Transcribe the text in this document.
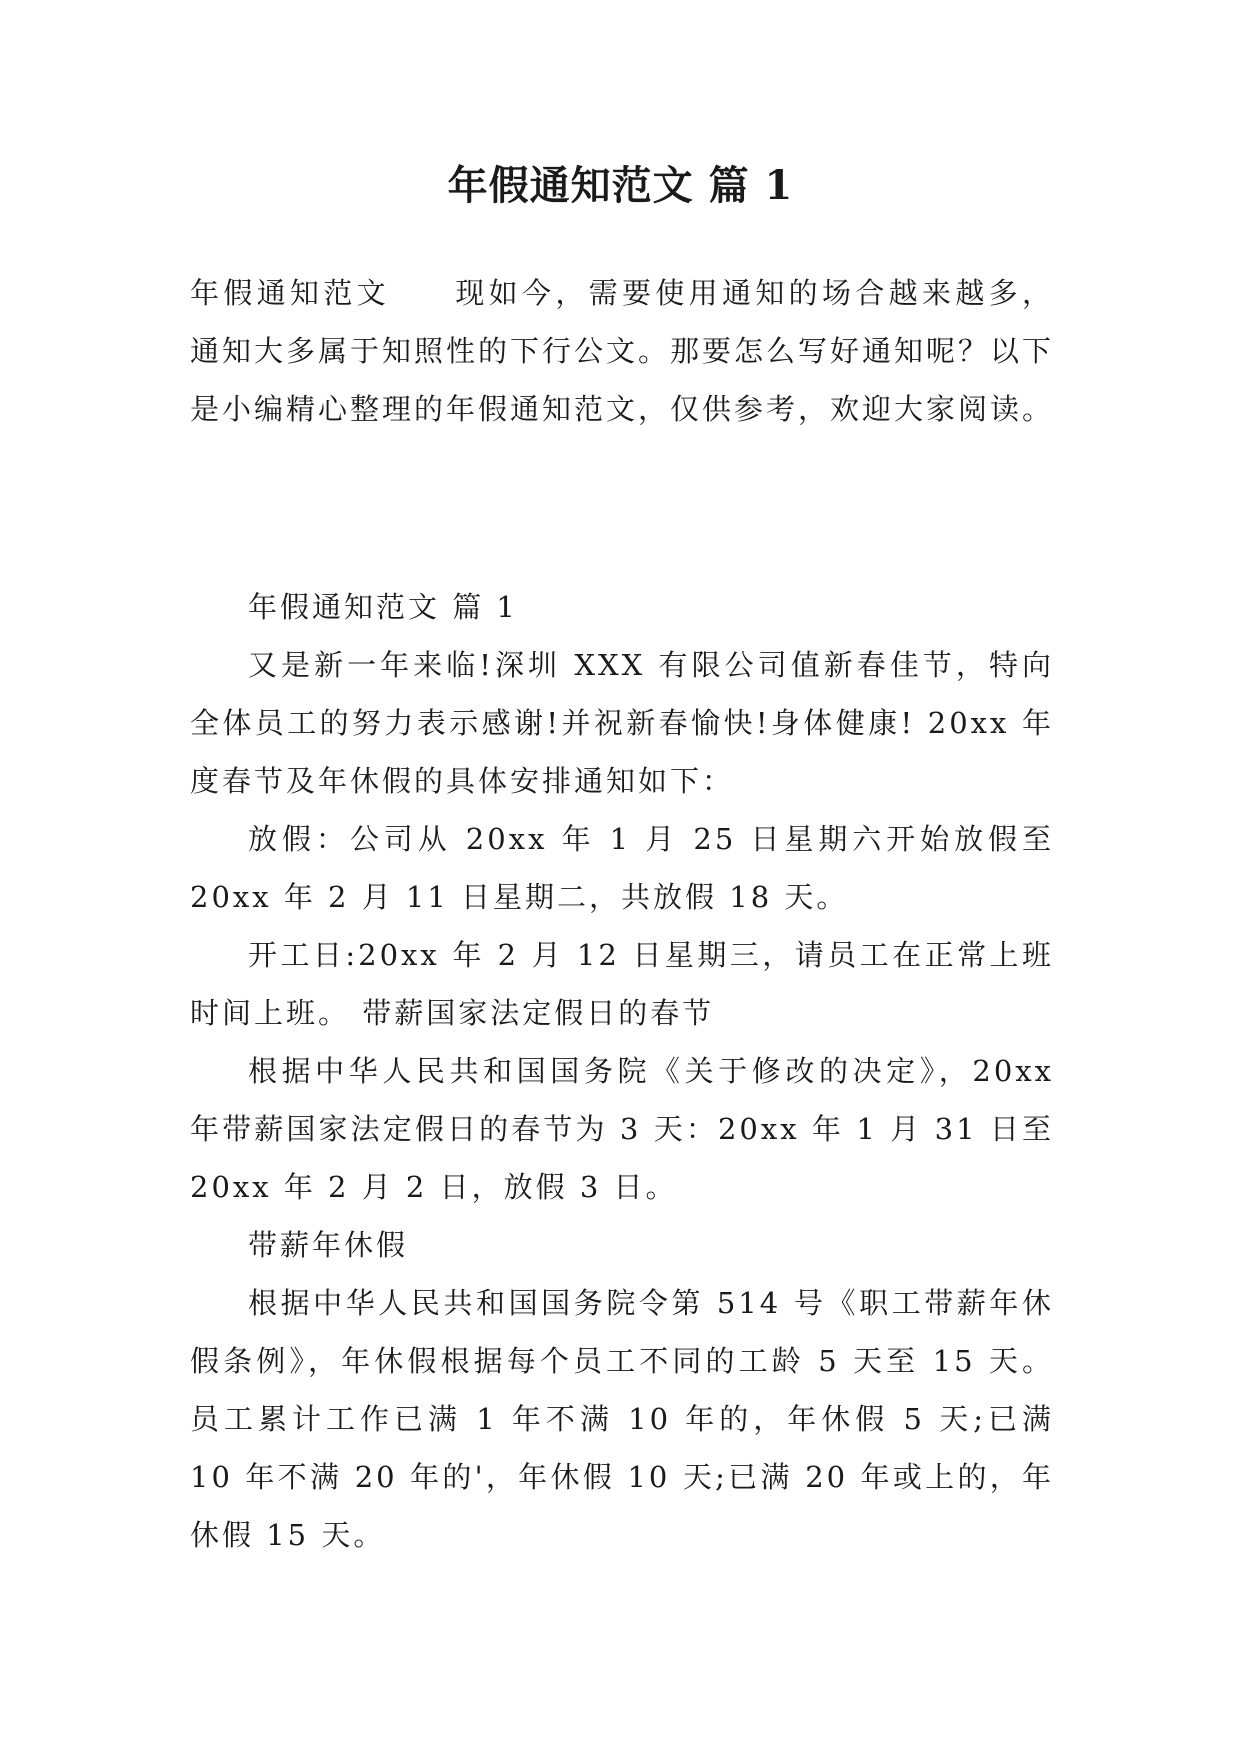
年假通知范文 篇 1

年假通知范文 现如今，需要使用通知的场合越来越多，通知大多属于知照性的下行公文。那要怎么写好通知呢？以下是小编精心整理的年假通知范文，仅供参考，欢迎大家阅读。

年假通知范文 篇 1

又是新一年来临!深圳 XXX 有限公司值新春佳节，特向全体员工的努力表示感谢!并祝新春愉快!身体健康! 20xx 年度春节及年休假的具体安排通知如下：

放假：公司从 20xx 年 1 月 25 日星期六开始放假至 20xx 年 2 月 11 日星期二，共放假 18 天。

开工日:20xx 年 2 月 12 日星期三，请员工在正常上班时间上班。 带薪国家法定假日的春节

根据中华人民共和国国务院《关于修改的决定》，20xx 年带薪国家法定假日的春节为 3 天：20xx 年 1 月 31 日至 20xx 年 2 月 2 日，放假 3 日。

带薪年休假

根据中华人民共和国国务院令第 514 号《职工带薪年休假条例》，年休假根据每个员工不同的工龄 5 天至 15 天。员工累计工作已满 1 年不满 10 年的，年休假 5 天;已满 10 年不满 20 年的'，年休假 10 天;已满 20 年或上的，年休假 15 天。
